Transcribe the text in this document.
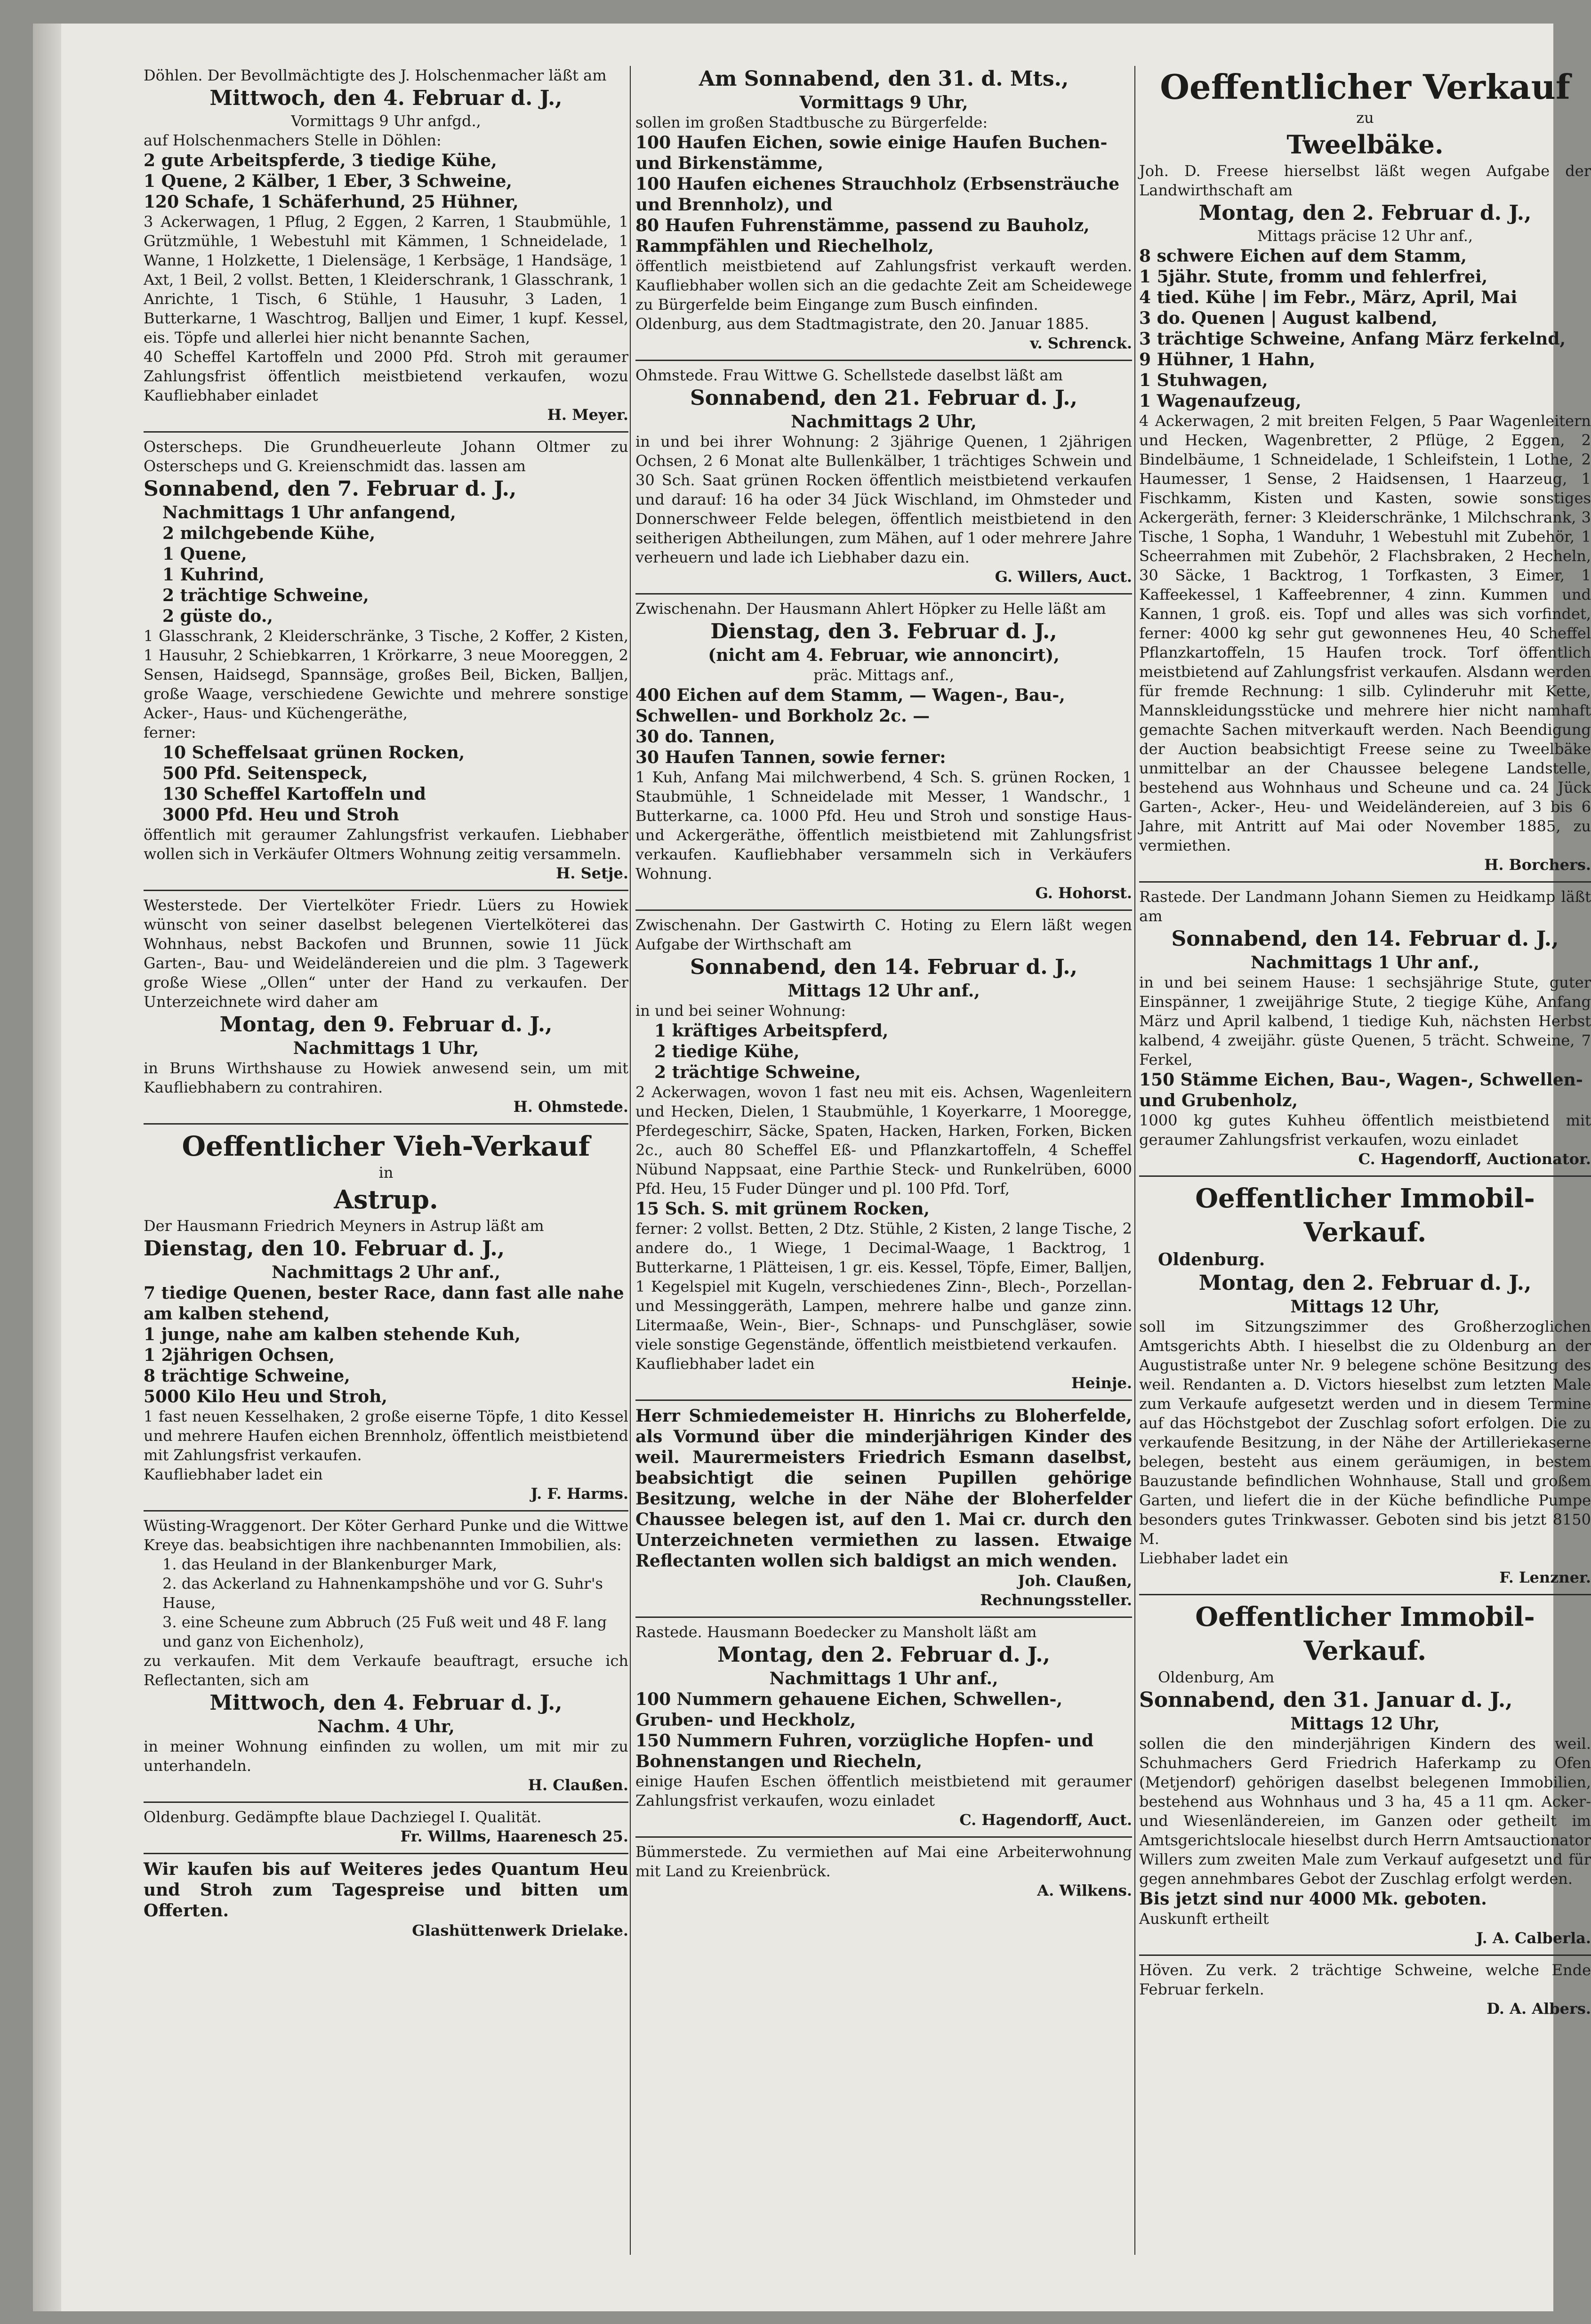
Döhlen. Der Bevollmächtigte des J. Holschenmacher läßt am

Mittwoch, den 4. Februar d. J.,

Vormittags 9 Uhr anfgd.,

auf Holschenmachers Stelle in Döhlen:

2 gute Arbeitspferde, 3 tiedige Kühe,

1 Quene, 2 Kälber, 1 Eber, 3 Schweine,

120 Schafe, 1 Schäferhund, 25 Hühner,

3 Ackerwagen, 1 Pflug, 2 Eggen, 2 Karren, 1 Staubmühle, 1 Grützmühle, 1 Webestuhl mit Kämmen, 1 Schneidelade, 1 Wanne, 1 Holzkette, 1 Dielensäge, 1 Kerbsäge, 1 Handsäge, 1 Axt, 1 Beil, 2 vollst. Betten, 1 Kleiderschrank, 1 Glasschrank, 1 Anrichte, 1 Tisch, 6 Stühle, 1 Hausuhr, 3 Laden, 1 Butterkarne, 1 Waschtrog, Balljen und Eimer, 1 kupf. Kessel, eis. Töpfe und allerlei hier nicht benannte Sachen,

40 Scheffel Kartoffeln und 2000 Pfd. Stroh mit geraumer Zahlungsfrist öffentlich meistbietend verkaufen, wozu Kaufliebhaber einladet

H. Meyer.

Osterscheps. Die Grundheuerleute Johann Oltmer zu Osterscheps und G. Kreienschmidt das. lassen am

Sonnabend, den 7. Februar d. J.,

Nachmittags 1 Uhr anfangend,

2 milchgebende Kühe,

1 Quene,

1 Kuhrind,

2 trächtige Schweine,

2 güste do.,

1 Glasschrank, 2 Kleiderschränke, 3 Tische, 2 Koffer, 2 Kisten, 1 Hausuhr, 2 Schiebkarren, 1 Krörkarre, 3 neue Mooreggen, 2 Sensen, Haidsegd, Spannsäge, großes Beil, Bicken, Balljen, große Waage, verschiedene Gewichte und mehrere sonstige Acker-, Haus- und Küchengeräthe,

ferner:

10 Scheffelsaat grünen Rocken,

500 Pfd. Seitenspeck,

130 Scheffel Kartoffeln und

3000 Pfd. Heu und Stroh

öffentlich mit geraumer Zahlungsfrist verkaufen. Liebhaber wollen sich in Verkäufer Oltmers Wohnung zeitig versammeln.

H. Setje.

Westerstede. Der Viertelköter Friedr. Lüers zu Howiek wünscht von seiner daselbst belegenen Viertelköterei das Wohnhaus, nebst Backofen und Brunnen, sowie 11 Jück Garten-, Bau- und Weideländereien und die plm. 3 Tagewerk große Wiese „Ollen“ unter der Hand zu verkaufen. Der Unterzeichnete wird daher am

Montag, den 9. Februar d. J.,

Nachmittags 1 Uhr,

in Bruns Wirthshause zu Howiek anwesend sein, um mit Kaufliebhabern zu contrahiren.

H. Ohmstede.

Oeffentlicher Vieh-Verkauf

in

Astrup.

Der Hausmann Friedrich Meyners in Astrup läßt am

Dienstag, den 10. Februar d. J.,

Nachmittags 2 Uhr anf.,

7 tiedige Quenen, bester Race, dann fast alle nahe am kalben stehend,

1 junge, nahe am kalben stehende Kuh,

1 2jährigen Ochsen,

8 trächtige Schweine,

5000 Kilo Heu und Stroh,

1 fast neuen Kesselhaken, 2 große eiserne Töpfe, 1 dito Kessel und mehrere Haufen eichen Brennholz, öffentlich meistbietend mit Zahlungsfrist verkaufen.

Kaufliebhaber ladet ein

J. F. Harms.

Wüsting-Wraggenort. Der Köter Gerhard Punke und die Wittwe Kreye das. beabsichtigen ihre nachbenannten Immobilien, als:

1. das Heuland in der Blankenburger Mark,

2. das Ackerland zu Hahnenkampshöhe und vor G. Suhr's Hause,

3. eine Scheune zum Abbruch (25 Fuß weit und 48 F. lang und ganz von Eichenholz),

zu verkaufen. Mit dem Verkaufe beauftragt, ersuche ich Reflectanten, sich am

Mittwoch, den 4. Februar d. J.,

Nachm. 4 Uhr,

in meiner Wohnung einfinden zu wollen, um mit mir zu unterhandeln.

H. Claußen.

Oldenburg. Gedämpfte blaue Dachziegel I. Qualität.

Fr. Willms, Haarenesch 25.

Wir kaufen bis auf Weiteres jedes Quantum Heu und Stroh zum Tagespreise und bitten um Offerten.

Glashüttenwerk Drielake.

Am Sonnabend, den 31. d. Mts.,

Vormittags 9 Uhr,

sollen im großen Stadtbusche zu Bürgerfelde:

100 Haufen Eichen, sowie einige Haufen Buchen- und Birkenstämme,

100 Haufen eichenes Strauchholz (Erbsensträuche und Brennholz), und

80 Haufen Fuhrenstämme, passend zu Bauholz, Rammpfählen und Riechelholz,

öffentlich meistbietend auf Zahlungsfrist verkauft werden. Kaufliebhaber wollen sich an die gedachte Zeit am Scheidewege zu Bürgerfelde beim Eingange zum Busch einfinden.

Oldenburg, aus dem Stadtmagistrate, den 20. Januar 1885.

v. Schrenck.

Ohmstede. Frau Wittwe G. Schellstede daselbst läßt am

Sonnabend, den 21. Februar d. J.,

Nachmittags 2 Uhr,

in und bei ihrer Wohnung: 2 3jährige Quenen, 1 2jährigen Ochsen, 2 6 Monat alte Bullenkälber, 1 trächtiges Schwein und 30 Sch. Saat grünen Rocken öffentlich meistbietend verkaufen und darauf: 16 ha oder 34 Jück Wischland, im Ohmsteder und Donnerschweer Felde belegen, öffentlich meistbietend in den seitherigen Abtheilungen, zum Mähen, auf 1 oder mehrere Jahre verheuern und lade ich Liebhaber dazu ein.

G. Willers, Auct.

Zwischenahn. Der Hausmann Ahlert Höpker zu Helle läßt am

Dienstag, den 3. Februar d. J.,

(nicht am 4. Februar, wie annoncirt),

präc. Mittags anf.,

400 Eichen auf dem Stamm, — Wagen-, Bau-, Schwellen- und Borkholz 2c. —

30 do. Tannen,

30 Haufen Tannen, sowie ferner:

1 Kuh, Anfang Mai milchwerbend, 4 Sch. S. grünen Rocken, 1 Staubmühle, 1 Schneidelade mit Messer, 1 Wandschr., 1 Butterkarne, ca. 1000 Pfd. Heu und Stroh und sonstige Haus- und Ackergeräthe, öffentlich meistbietend mit Zahlungsfrist verkaufen. Kaufliebhaber versammeln sich in Verkäufers Wohnung.

G. Hohorst.

Zwischenahn. Der Gastwirth C. Hoting zu Elern läßt wegen Aufgabe der Wirthschaft am

Sonnabend, den 14. Februar d. J.,

Mittags 12 Uhr anf.,

in und bei seiner Wohnung:

1 kräftiges Arbeitspferd,

2 tiedige Kühe,

2 trächtige Schweine,

2 Ackerwagen, wovon 1 fast neu mit eis. Achsen, Wagenleitern und Hecken, Dielen, 1 Staubmühle, 1 Koyerkarre, 1 Mooregge, Pferdegeschirr, Säcke, Spaten, Hacken, Harken, Forken, Bicken 2c., auch 80 Scheffel Eß- und Pflanzkartoffeln, 4 Scheffel Nübund Nappsaat, eine Parthie Steck- und Runkelrüben, 6000 Pfd. Heu, 15 Fuder Dünger und pl. 100 Pfd. Torf,

15 Sch. S. mit grünem Rocken,

ferner: 2 vollst. Betten, 2 Dtz. Stühle, 2 Kisten, 2 lange Tische, 2 andere do., 1 Wiege, 1 Decimal-Waage, 1 Backtrog, 1 Butterkarne, 1 Plätteisen, 1 gr. eis. Kessel, Töpfe, Eimer, Balljen, 1 Kegelspiel mit Kugeln, verschiedenes Zinn-, Blech-, Porzellan- und Messinggeräth, Lampen, mehrere halbe und ganze zinn. Litermaaße, Wein-, Bier-, Schnaps- und Punschgläser, sowie viele sonstige Gegenstände, öffentlich meistbietend verkaufen.

Kaufliebhaber ladet ein

Heinje.

Herr Schmiedemeister H. Hinrichs zu Bloherfelde, als Vormund über die minderjährigen Kinder des weil. Maurermeisters Friedrich Esmann daselbst, beabsichtigt die seinen Pupillen gehörige Besitzung, welche in der Nähe der Bloherfelder Chaussee belegen ist, auf den 1. Mai cr. durch den Unterzeichneten vermiethen zu lassen. Etwaige Reflectanten wollen sich baldigst an mich wenden.

Joh. Claußen,

Rechnungssteller.

Rastede. Hausmann Boedecker zu Mansholt läßt am

Montag, den 2. Februar d. J.,

Nachmittags 1 Uhr anf.,

100 Nummern gehauene Eichen, Schwellen-, Gruben- und Heckholz,

150 Nummern Fuhren, vorzügliche Hopfen- und Bohnenstangen und Riecheln,

einige Haufen Eschen öffentlich meistbietend mit geraumer Zahlungsfrist verkaufen, wozu einladet

C. Hagendorff, Auct.

Bümmerstede. Zu vermiethen auf Mai eine Arbeiterwohnung mit Land zu Kreienbrück.

A. Wilkens.

Oeffentlicher Verkauf

zu

Tweelbäke.

Joh. D. Freese hierselbst läßt wegen Aufgabe der Landwirthschaft am

Montag, den 2. Februar d. J.,

Mittags präcise 12 Uhr anf.,

8 schwere Eichen auf dem Stamm,

1 5jähr. Stute, fromm und fehlerfrei,

4 tied. Kühe | im Febr., März, April, Mai

3 do. Quenen | August kalbend,

3 trächtige Schweine, Anfang März ferkelnd,

9 Hühner, 1 Hahn,

1 Stuhwagen,

1 Wagenaufzeug,

4 Ackerwagen, 2 mit breiten Felgen, 5 Paar Wagenleitern und Hecken, Wagenbretter, 2 Pflüge, 2 Eggen, 2 Bindelbäume, 1 Schneidelade, 1 Schleifstein, 1 Lothe, 2 Haumesser, 1 Sense, 2 Haidsensen, 1 Haarzeug, 1 Fischkamm, Kisten und Kasten, sowie sonstiges Ackergeräth, ferner: 3 Kleiderschränke, 1 Milchschrank, 3 Tische, 1 Sopha, 1 Wanduhr, 1 Webestuhl mit Zubehör, 1 Scheerrahmen mit Zubehör, 2 Flachsbraken, 2 Hecheln, 30 Säcke, 1 Backtrog, 1 Torfkasten, 3 Eimer, 1 Kaffeekessel, 1 Kaffeebrenner, 4 zinn. Kummen und Kannen, 1 groß. eis. Topf und alles was sich vorfindet, ferner: 4000 kg sehr gut gewonnenes Heu, 40 Scheffel Pflanzkartoffeln, 15 Haufen trock. Torf öffentlich meistbietend auf Zahlungsfrist verkaufen. Alsdann werden für fremde Rechnung: 1 silb. Cylinderuhr mit Kette, Mannskleidungsstücke und mehrere hier nicht namhaft gemachte Sachen mitverkauft werden. Nach Beendigung der Auction beabsichtigt Freese seine zu Tweelbäke unmittelbar an der Chaussee belegene Landstelle, bestehend aus Wohnhaus und Scheune und ca. 24 Jück Garten-, Acker-, Heu- und Weideländereien, auf 3 bis 6 Jahre, mit Antritt auf Mai oder November 1885, zu vermiethen.

H. Borchers.

Rastede. Der Landmann Johann Siemen zu Heidkamp läßt am

Sonnabend, den 14. Februar d. J.,

Nachmittags 1 Uhr anf.,

in und bei seinem Hause: 1 sechsjährige Stute, guter Einspänner, 1 zweijährige Stute, 2 tiegige Kühe, Anfang März und April kalbend, 1 tiedige Kuh, nächsten Herbst kalbend, 4 zweijähr. güste Quenen, 5 trächt. Schweine, 7 Ferkel,

150 Stämme Eichen, Bau-, Wagen-, Schwellen- und Grubenholz,

1000 kg gutes Kuhheu öffentlich meistbietend mit geraumer Zahlungsfrist verkaufen, wozu einladet

C. Hagendorff, Auctionator.

Oeffentlicher Immobil-Verkauf.

Oldenburg.

Montag, den 2. Februar d. J.,

Mittags 12 Uhr,

soll im Sitzungszimmer des Großherzoglichen Amtsgerichts Abth. I hieselbst die zu Oldenburg an der Augustistraße unter Nr. 9 belegene schöne Besitzung des weil. Rendanten a. D. Victors hieselbst zum letzten Male zum Verkaufe aufgesetzt werden und in diesem Termine auf das Höchstgebot der Zuschlag sofort erfolgen. Die zu verkaufende Besitzung, in der Nähe der Artilleriekaserne belegen, besteht aus einem geräumigen, in bestem Bauzustande befindlichen Wohnhause, Stall und großem Garten, und liefert die in der Küche befindliche Pumpe besonders gutes Trinkwasser. Geboten sind bis jetzt 8150 M.

Liebhaber ladet ein

F. Lenzner.

Oeffentlicher Immobil-Verkauf.

Oldenburg, Am

Sonnabend, den 31. Januar d. J.,

Mittags 12 Uhr,

sollen die den minderjährigen Kindern des weil. Schuhmachers Gerd Friedrich Haferkamp zu Ofen (Metjendorf) gehörigen daselbst belegenen Immobilien, bestehend aus Wohnhaus und 3 ha, 45 a 11 qm. Acker- und Wiesenländereien, im Ganzen oder getheilt im Amtsgerichtslocale hieselbst durch Herrn Amtsauctionator Willers zum zweiten Male zum Verkauf aufgesetzt und für gegen annehmbares Gebot der Zuschlag erfolgt werden.

Bis jetzt sind nur 4000 Mk. geboten.

Auskunft ertheilt

J. A. Calberla.

Höven. Zu verk. 2 trächtige Schweine, welche Ende Februar ferkeln.

D. A. Albers.
